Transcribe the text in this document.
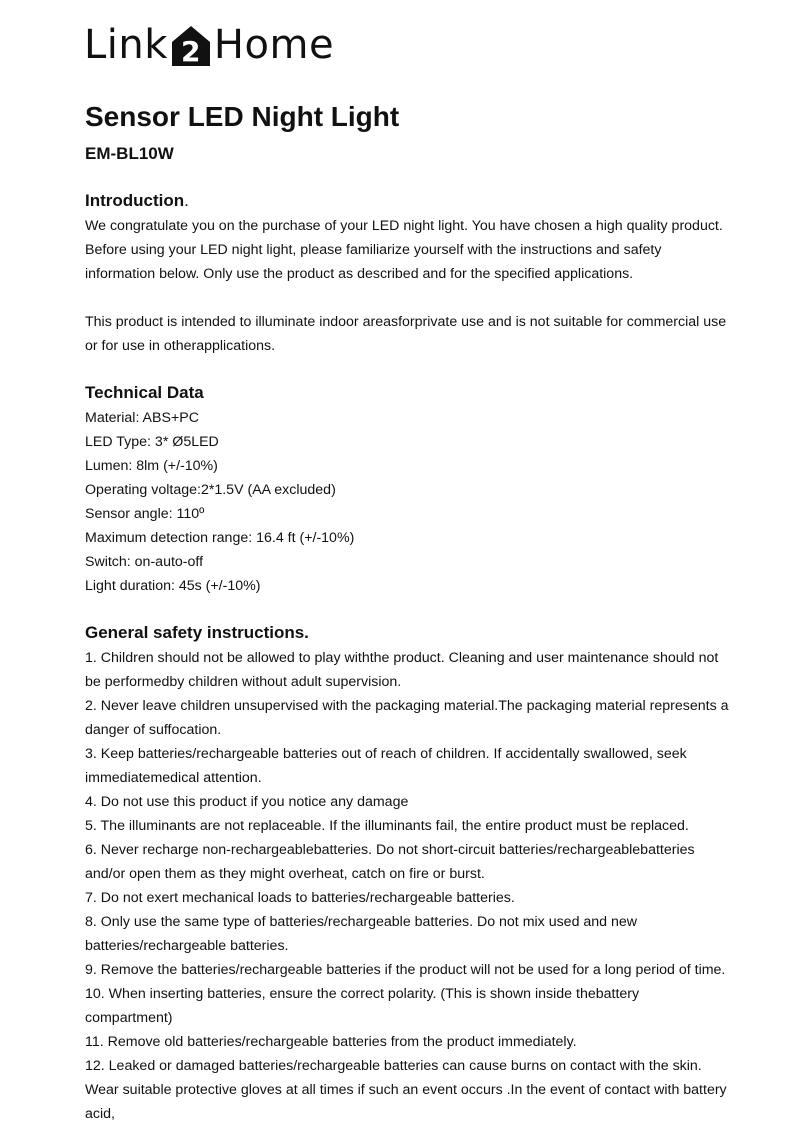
Link 2 Home
Sensor LED Night Light
EM-BL10W
Introduction.

We congratulate you on the purchase of your LED night light. You have chosen a high quality product. Before using your LED night light, please familiarize yourself with the instructions and safety information below. Only use the product as described and for the specified applications.

This product is intended to illuminate indoor areasforprivate use and is not suitable for commercial use or for use in otherapplications.

Technical Data

Material: ABS+PC

LED Type: 3* Ø5LED

Lumen: 8lm (+/-10%)

Operating voltage:2*1.5V (AA excluded)

Sensor angle: 110º

Maximum detection range: 16.4 ft (+/-10%)

Switch: on-auto-off

Light duration: 45s (+/-10%)

General safety instructions.

1. Children should not be allowed to play withthe product. Cleaning and user maintenance should not be performedby children without adult supervision.

2. Never leave children unsupervised with the packaging material.The packaging material represents a danger of suffocation.

3. Keep batteries/rechargeable batteries out of reach of children. If accidentally swallowed, seek immediatemedical attention.

4. Do not use this product if you notice any damage

5. The illuminants are not replaceable. If the illuminants fail, the entire product must be replaced.

6. Never recharge non-rechargeablebatteries. Do not short-circuit batteries/rechargeablebatteries and/or open them as they might overheat, catch on fire or burst.

7. Do not exert mechanical loads to batteries/rechargeable batteries.

8. Only use the same type of batteries/rechargeable batteries. Do not mix used and new batteries/rechargeable batteries.

9. Remove the batteries/rechargeable batteries if the product will not be used for a long period of time.

10. When inserting batteries, ensure the correct polarity. (This is shown inside thebattery compartment)

11. Remove old batteries/rechargeable batteries from the product immediately.

12. Leaked or damaged batteries/rechargeable batteries can cause burns on contact with the skin. Wear suitable protective gloves at all times if such an event occurs .In the event of contact with battery acid,
